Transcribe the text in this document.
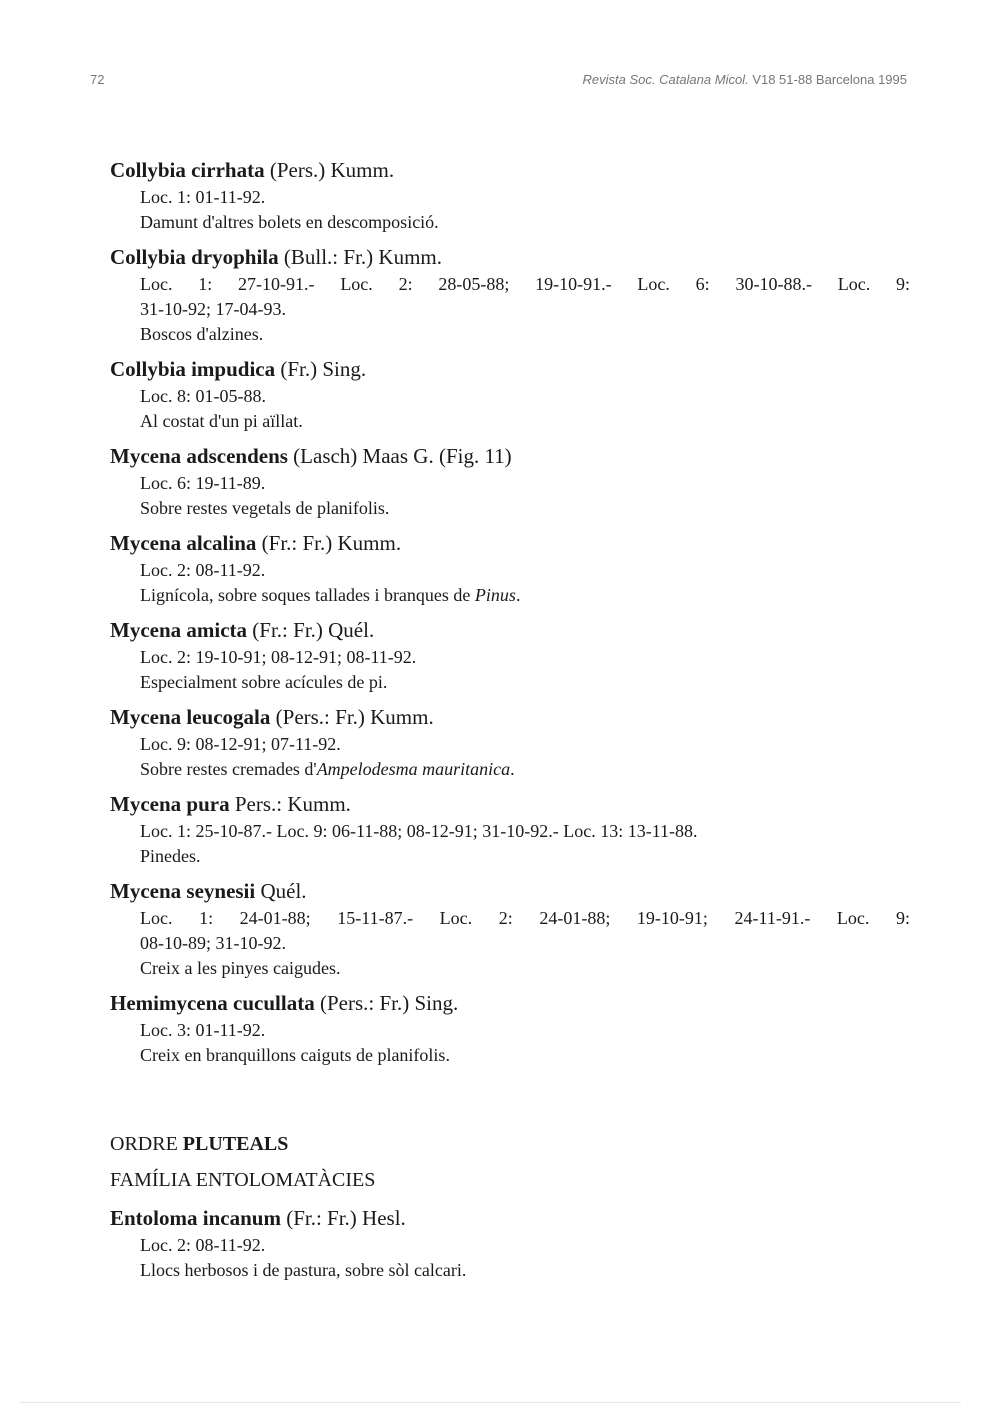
72	Revista Soc. Catalana Micol. V18 51-88 Barcelona 1995
Collybia cirrhata (Pers.) Kumm.
Loc. 1: 01-11-92.
Damunt d'altres bolets en descomposició.
Collybia dryophila (Bull.: Fr.) Kumm.
Loc. 1: 27-10-91.- Loc. 2: 28-05-88; 19-10-91.- Loc. 6: 30-10-88.- Loc. 9:
31-10-92; 17-04-93.
Boscos d'alzines.
Collybia impudica (Fr.) Sing.
Loc. 8: 01-05-88.
Al costat d'un pi aïllat.
Mycena adscendens (Lasch) Maas G. (Fig. 11)
Loc. 6: 19-11-89.
Sobre restes vegetals de planifolis.
Mycena alcalina (Fr.: Fr.) Kumm.
Loc. 2: 08-11-92.
Lignícola, sobre soques tallades i branques de Pinus.
Mycena amicta (Fr.: Fr.) Quél.
Loc. 2: 19-10-91; 08-12-91; 08-11-92.
Especialment sobre acícules de pi.
Mycena leucogala (Pers.: Fr.) Kumm.
Loc. 9: 08-12-91; 07-11-92.
Sobre restes cremades d'Ampelodesma mauritanica.
Mycena pura Pers.: Kumm.
Loc. 1: 25-10-87.- Loc. 9: 06-11-88; 08-12-91; 31-10-92.- Loc. 13: 13-11-88.
Pinedes.
Mycena seynesii Quél.
Loc. 1: 24-01-88; 15-11-87.- Loc. 2: 24-01-88; 19-10-91; 24-11-91.- Loc. 9:
08-10-89; 31-10-92.
Creix a les pinyes caigudes.
Hemimycena cucullata (Pers.: Fr.) Sing.
Loc. 3: 01-11-92.
Creix en branquillons caiguts de planifolis.
ORDRE PLUTEALS
FAMÍLIA ENTOLOMATÀCIES
Entoloma incanum (Fr.: Fr.) Hesl.
Loc. 2: 08-11-92.
Llocs herbosos i de pastura, sobre sòl calcari.
